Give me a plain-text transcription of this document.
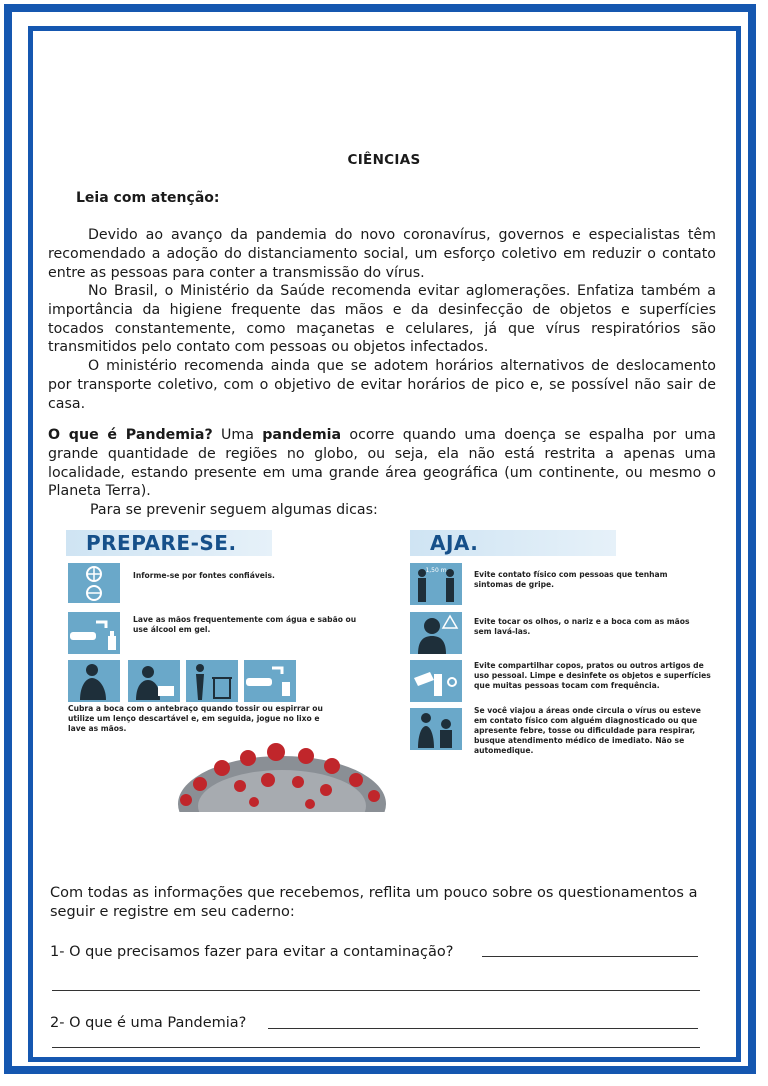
CIÊNCIAS
Leia com atenção:
Devido ao avanço da pandemia do novo coronavírus, governos e especialistas têm recomendado a adoção do distanciamento social, um esforço coletivo em reduzir o contato entre as pessoas para conter a transmissão do vírus.
No Brasil, o Ministério da Saúde recomenda evitar aglomerações. Enfatiza também a importância da higiene frequente das mãos e da desinfecção de objetos e superfícies tocados constantemente, como maçanetas e celulares, já que vírus respiratórios são transmitidos pelo contato com pessoas ou objetos infectados.
O ministério recomenda ainda que se adotem horários alternativos de deslocamento por transporte coletivo, com o objetivo de evitar horários de pico e, se possível não sair de casa.
O que é Pandemia? Uma pandemia ocorre quando uma doença se espalha por uma grande quantidade de regiões no globo, ou seja, ela não está restrita a apenas uma localidade, estando presente em uma grande área geográfica (um continente, ou mesmo o Planeta Terra).
Para se prevenir seguem algumas dicas:
PREPARE-SE.
Informe-se por fontes confiáveis.
Lave as mãos frequentemente com água e sabão ou use álcool em gel.
Cubra a boca com o antebraço quando tossir ou espirrar ou utilize um lenço descartável e, em seguida, jogue no lixo e lave as mãos.
AJA.
1,50 m	Evite contato físico com pessoas que tenham sintomas de gripe.
Evite tocar os olhos, o nariz e a boca com as mãos sem lavá-las.
Evite compartilhar copos, pratos ou outros artigos de uso pessoal. Limpe e desinfete os objetos e superfícies que muitas pessoas tocam com frequência.
Se você viajou a áreas onde circula o vírus ou esteve em contato físico com alguém diagnosticado ou que apresente febre, tosse ou dificuldade para respirar, busque atendimento médico de imediato. Não se automedique.
Com todas as informações que recebemos, reflita um pouco sobre os questionamentos a seguir e registre em seu caderno:
1- O que precisamos fazer para evitar a contaminação?
2- O que é uma Pandemia?
